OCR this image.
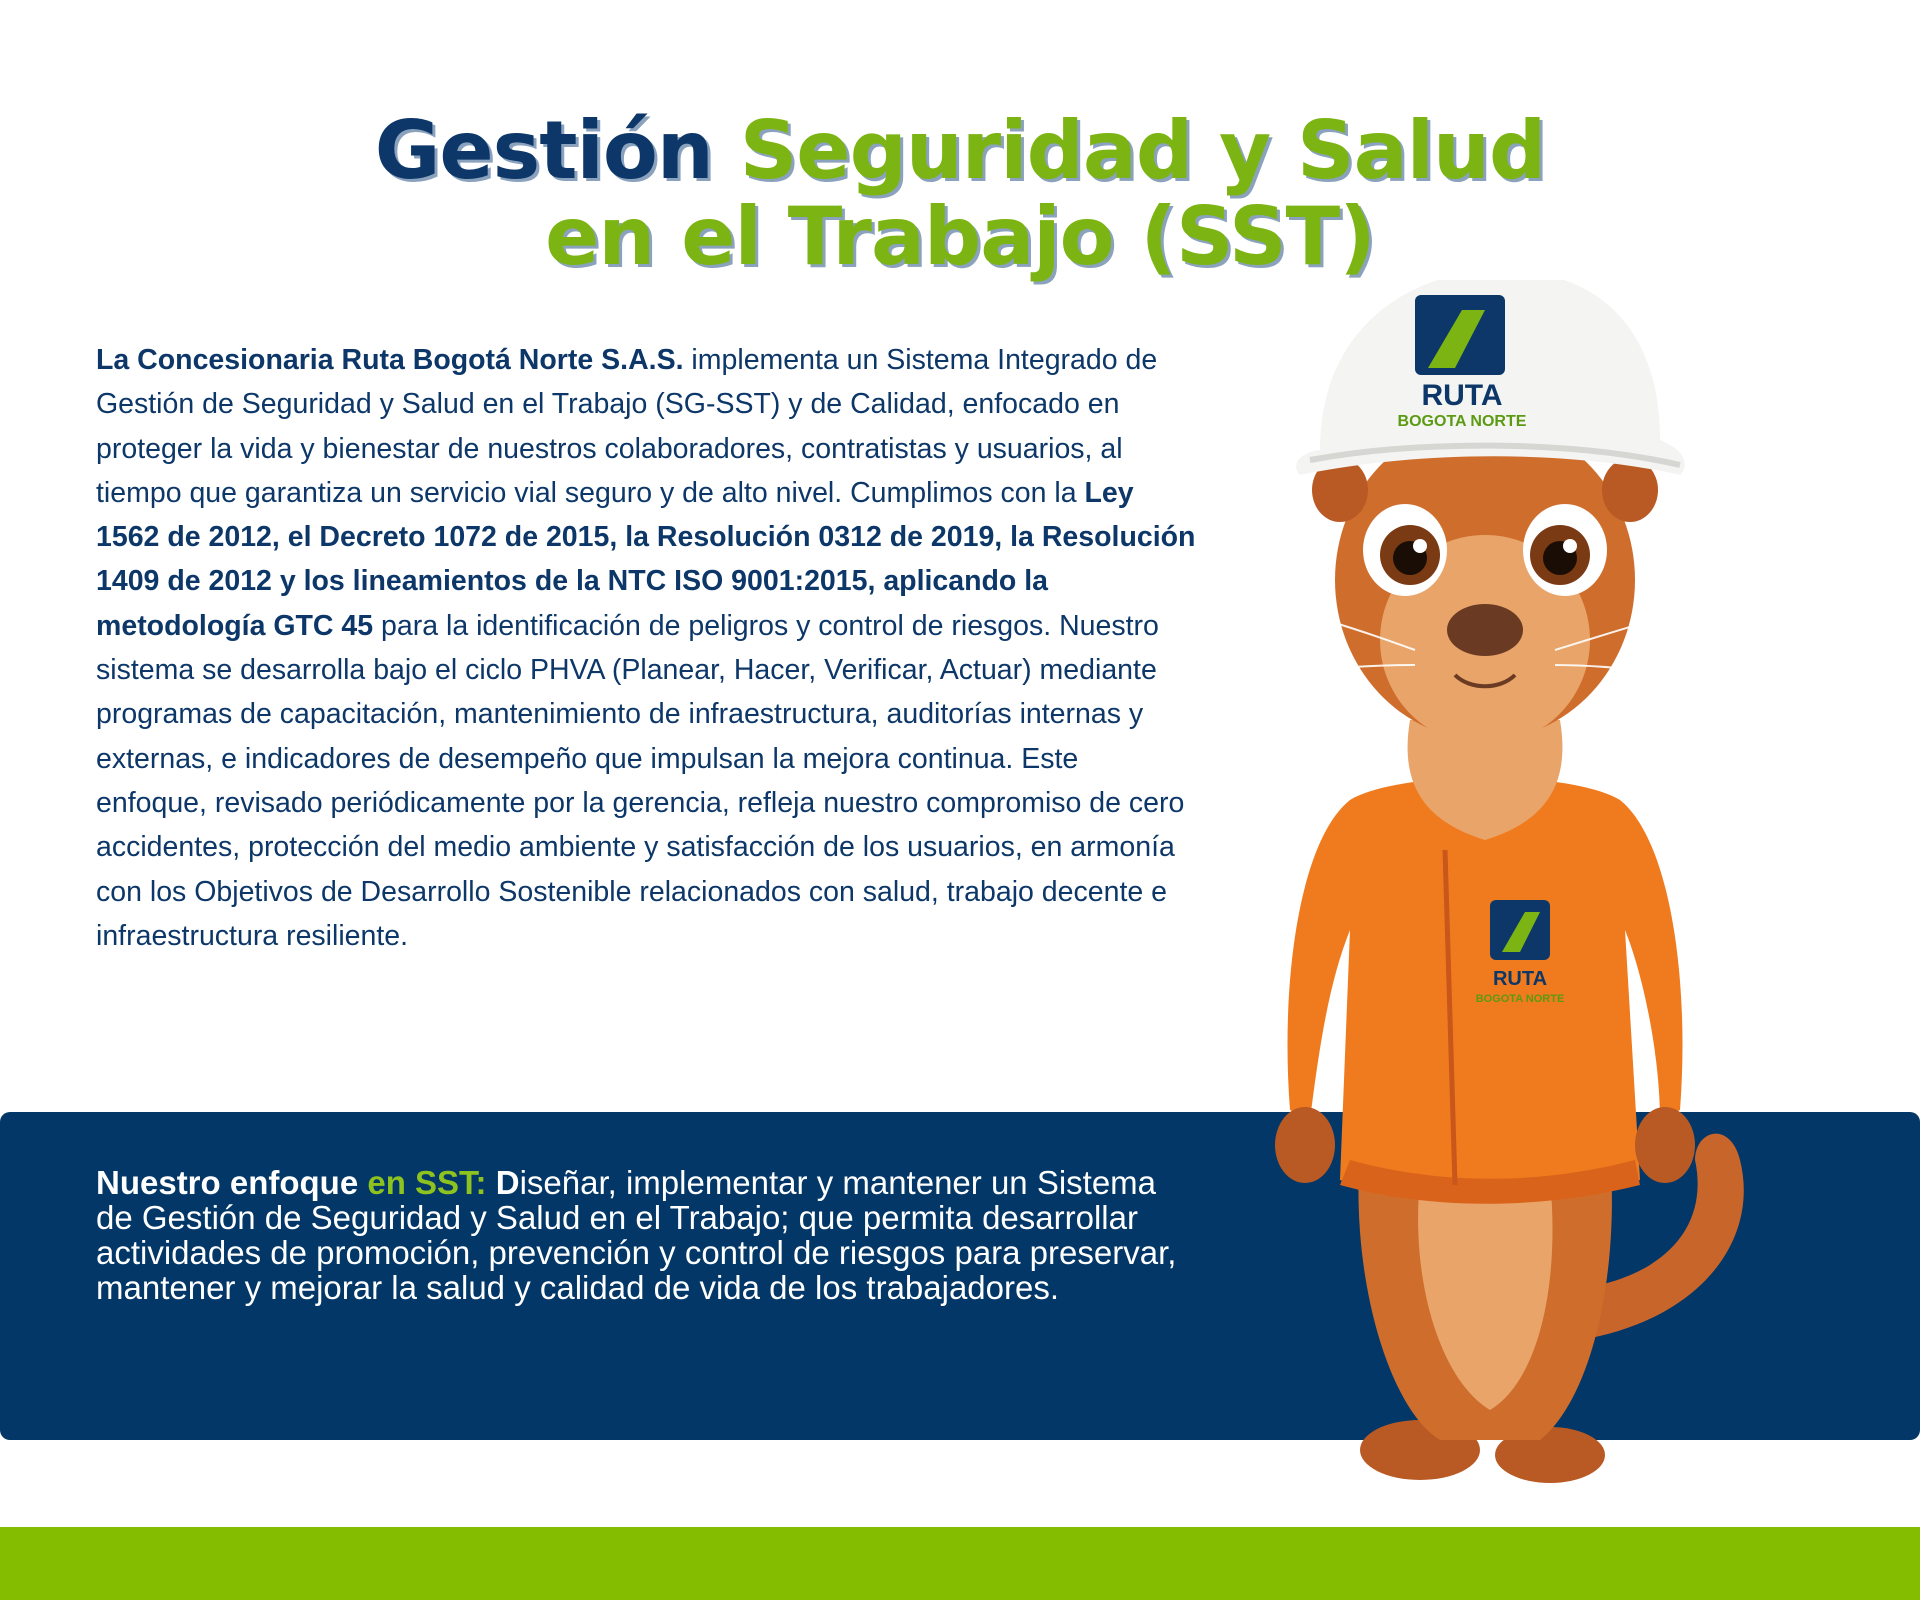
Gestión Seguridad y Salud
en el Trabajo (SST)

La Concesionaria Ruta Bogotá Norte S.A.S. implementa un Sistema Integrado de Gestión de Seguridad y Salud en el Trabajo (SG-SST) y de Calidad, enfocado en proteger la vida y bienestar de nuestros colaboradores, contratistas y usuarios, al tiempo que garantiza un servicio vial seguro y de alto nivel. Cumplimos con la Ley 1562 de 2012, el Decreto 1072 de 2015, la Resolución 0312 de 2019, la Resolución 1409 de 2012 y los lineamientos de la NTC ISO 9001:2015, aplicando la metodología GTC 45 para la identificación de peligros y control de riesgos. Nuestro sistema se desarrolla bajo el ciclo PHVA (Planear, Hacer, Verificar, Actuar) mediante programas de capacitación, mantenimiento de infraestructura, auditorías internas y externas, e indicadores de desempeño que impulsan la mejora continua. Este enfoque, revisado periódicamente por la gerencia, refleja nuestro compromiso de cero accidentes, protección del medio ambiente y satisfacción de los usuarios, en armonía con los Objetivos de Desarrollo Sostenible relacionados con salud, trabajo decente e infraestructura resiliente.

Nuestro enfoque en SST: Diseñar, implementar y mantener un Sistema de Gestión de Seguridad y Salud en el Trabajo; que permita desarrollar actividades de promoción, prevención y control de riesgos para preservar, mantener y mejorar la salud y calidad de vida de los trabajadores.

RUTA
BOGOTA NORTE
RUTA
BOGOTA NORTE
